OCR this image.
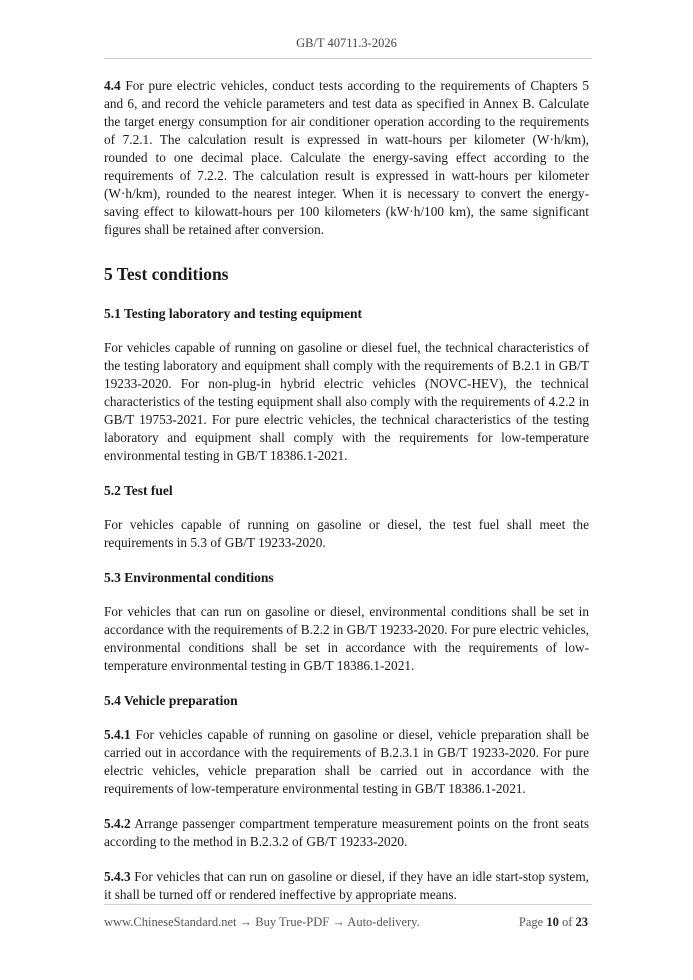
GB/T 40711.3-2026

4.4 For pure electric vehicles, conduct tests according to the requirements of Chapters 5 and 6, and record the vehicle parameters and test data as specified in Annex B. Calculate the target energy consumption for air conditioner operation according to the requirements of 7.2.1. The calculation result is expressed in watt-hours per kilometer (W·h/km), rounded to one decimal place. Calculate the energy-saving effect according to the requirements of 7.2.2. The calculation result is expressed in watt-hours per kilometer (W·h/km), rounded to the nearest integer. When it is necessary to convert the energy-saving effect to kilowatt-hours per 100 kilometers (kW·h/100 km), the same significant figures shall be retained after conversion.

5 Test conditions
5.1 Testing laboratory and testing equipment

For vehicles capable of running on gasoline or diesel fuel, the technical characteristics of the testing laboratory and equipment shall comply with the requirements of B.2.1 in GB/T 19233-2020. For non-plug-in hybrid electric vehicles (NOVC-HEV), the technical characteristics of the testing equipment shall also comply with the requirements of 4.2.2 in GB/T 19753-2021. For pure electric vehicles, the technical characteristics of the testing laboratory and equipment shall comply with the requirements for low-temperature environmental testing in GB/T 18386.1-2021.

5.2 Test fuel

For vehicles capable of running on gasoline or diesel, the test fuel shall meet the requirements in 5.3 of GB/T 19233-2020.

5.3 Environmental conditions

For vehicles that can run on gasoline or diesel, environmental conditions shall be set in accordance with the requirements of B.2.2 in GB/T 19233-2020. For pure electric vehicles, environmental conditions shall be set in accordance with the requirements of low-temperature environmental testing in GB/T 18386.1-2021.

5.4 Vehicle preparation

5.4.1 For vehicles capable of running on gasoline or diesel, vehicle preparation shall be carried out in accordance with the requirements of B.2.3.1 in GB/T 19233-2020. For pure electric vehicles, vehicle preparation shall be carried out in accordance with the requirements of low-temperature environmental testing in GB/T 18386.1-2021.

5.4.2 Arrange passenger compartment temperature measurement points on the front seats according to the method in B.2.3.2 of GB/T 19233-2020.

5.4.3 For vehicles that can run on gasoline or diesel, if they have an idle start-stop system, it shall be turned off or rendered ineffective by appropriate means.

www.ChineseStandard.net → Buy True-PDF → Auto-delivery.	Page 10 of 23
